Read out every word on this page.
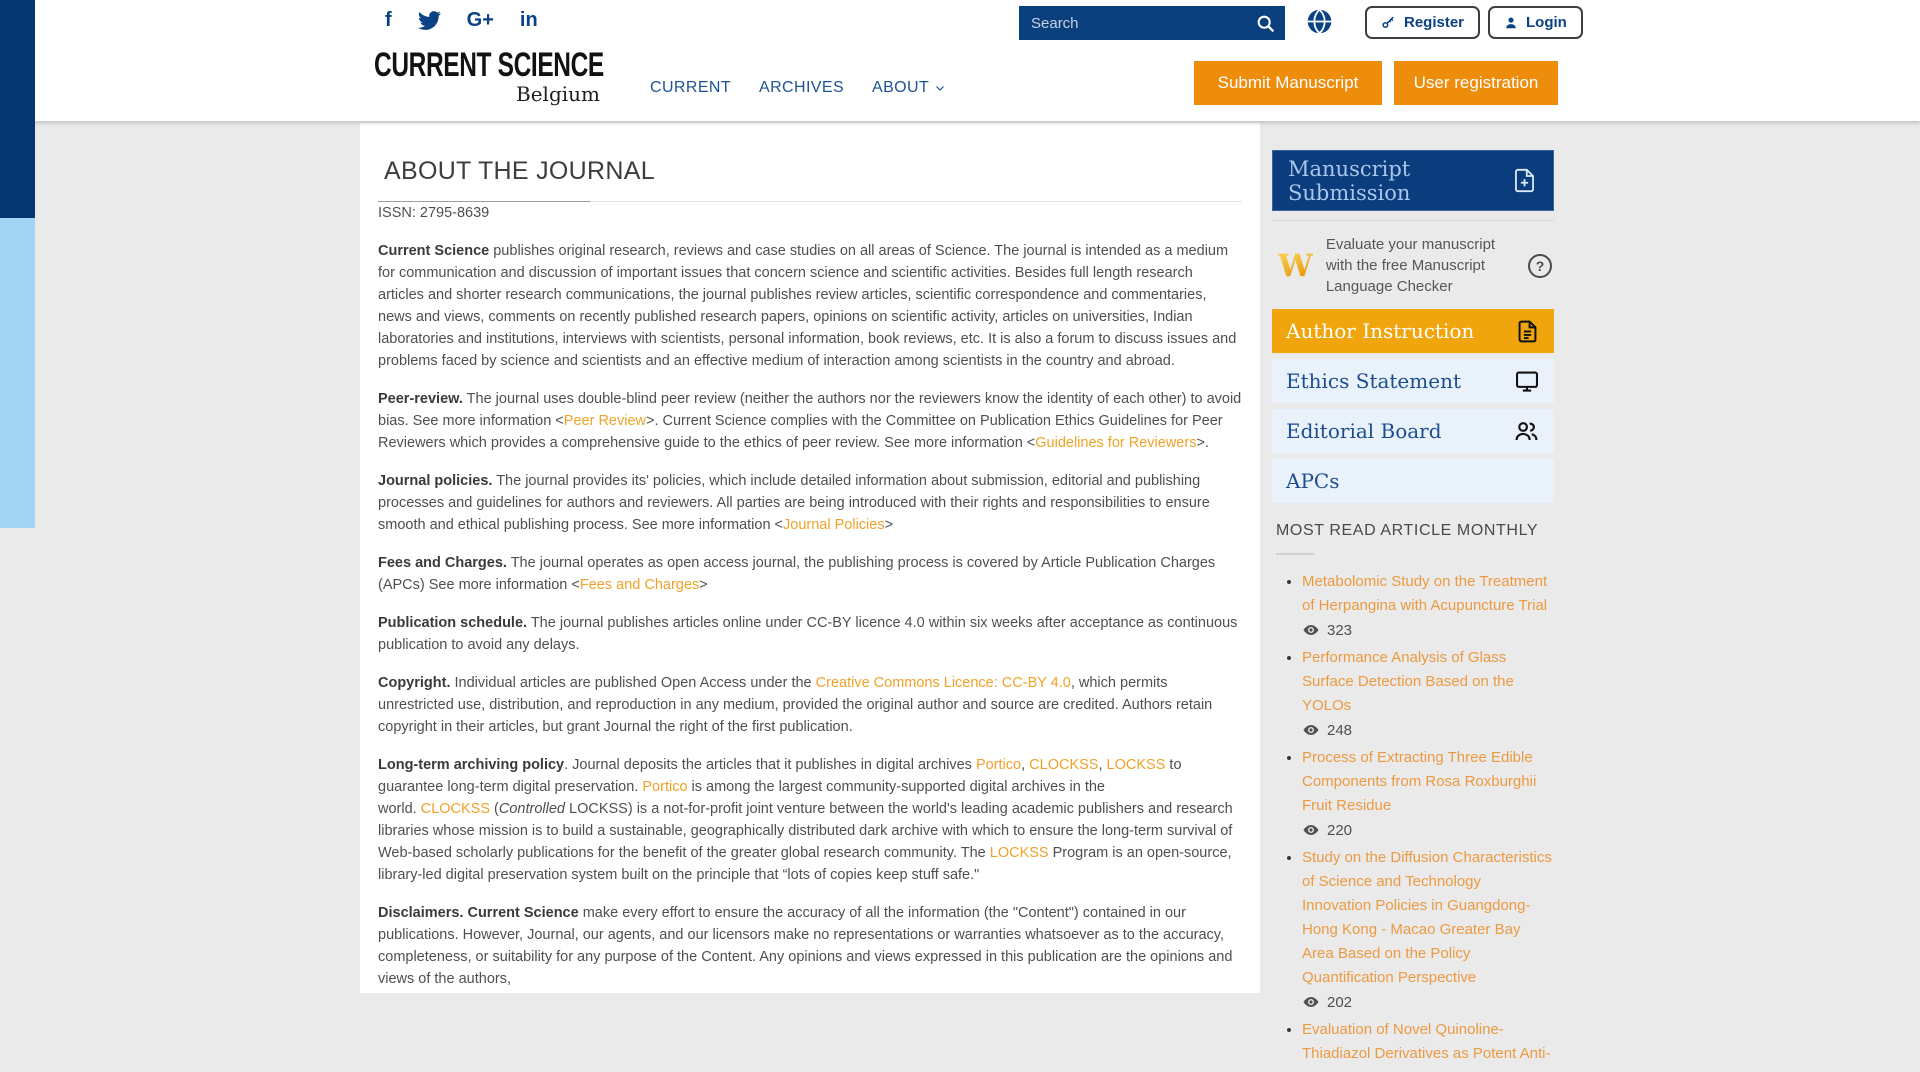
f	G+ in
Search	Register	Login
CURRENT SCIENCE
Belgium	CURRENT ARCHIVES ABOUT	Submit Manuscript	User registration
ABOUT THE JOURNAL

ISSN: 2795-8639

Current Science publishes original research, reviews and case studies on all areas of Science. The journal is intended as a medium for communication and discussion of important issues that concern science and scientific activities. Besides full length research articles and shorter research communications, the journal publishes review articles, scientific correspondence and commentaries, news and views, comments on recently published research papers, opinions on scientific activity, articles on universities, Indian laboratories and institutions, interviews with scientists, personal information, book reviews, etc. It is also a forum to discuss issues and problems faced by science and scientists and an effective medium of interaction among scientists in the country and abroad.

Peer-review. The journal uses double-blind peer review (neither the authors nor the reviewers know the identity of each other) to avoid bias. See more information <Peer Review>. Current Science complies with the Committee on Publication Ethics Guidelines for Peer Reviewers which provides a comprehensive guide to the ethics of peer review. See more information <Guidelines for Reviewers>.

Journal policies. The journal provides its' policies, which include detailed information about submission, editorial and publishing processes and guidelines for authors and reviewers. All parties are being introduced with their rights and responsibilities to ensure smooth and ethical publishing process. See more information <Journal Policies>

Fees and Charges. The journal operates as open access journal, the publishing process is covered by Article Publication Charges (APCs) See more information <Fees and Charges>

Publication schedule. The journal publishes articles online under CC-BY licence 4.0 within six weeks after acceptance as continuous publication to avoid any delays.

Copyright. Individual articles are published Open Access under the Creative Commons Licence: CC-BY 4.0, which permits unrestricted use, distribution, and reproduction in any medium, provided the original author and source are credited. Authors retain copyright in their articles, but grant Journal the right of the first publication.

Long-term archiving policy. Journal deposits the articles that it publishes in digital archives Portico, CLOCKSS, LOCKSS to guarantee long-term digital preservation. Portico is among the largest community-supported digital archives in the
world. CLOCKSS (Controlled LOCKSS) is a not-for-profit joint venture between the world's leading academic publishers and research libraries whose mission is to build a sustainable, geographically distributed dark archive with which to ensure the long-term survival of Web-based scholarly publications for the benefit of the greater global research community. The LOCKSS Program is an open-source, library-led digital preservation system built on the principle that “lots of copies keep stuff safe."

Disclaimers. Current Science make every effort to ensure the accuracy of all the information (the "Content") contained in our publications. However, Journal, our agents, and our licensors make no representations or warranties whatsoever as to the accuracy, completeness, or suitability for any purpose of the Content. Any opinions and views expressed in this publication are the opinions and views of the authors,

Manuscript Submission
W
Evaluate your manuscript with the free Manuscript Language Checker
?
Author Instruction
Ethics Statement
Editorial Board
APCs
MOST READ ARTICLE MONTHLY
• Metabolomic Study on the Treatment of Herpangina with Acupuncture Trial
323
• Performance Analysis of Glass Surface Detection Based on the YOLOs
248
• Process of Extracting Three Edible Components from Rosa Roxburghii Fruit Residue
220
• Study on the Diffusion Characteristics of Science and Technology Innovation Policies in Guangdong-Hong Kong - Macao Greater Bay Area Based on the Policy Quantification Perspective
202
• Evaluation of Novel Quinoline-Thiadiazol Derivatives as Potent Anti-
